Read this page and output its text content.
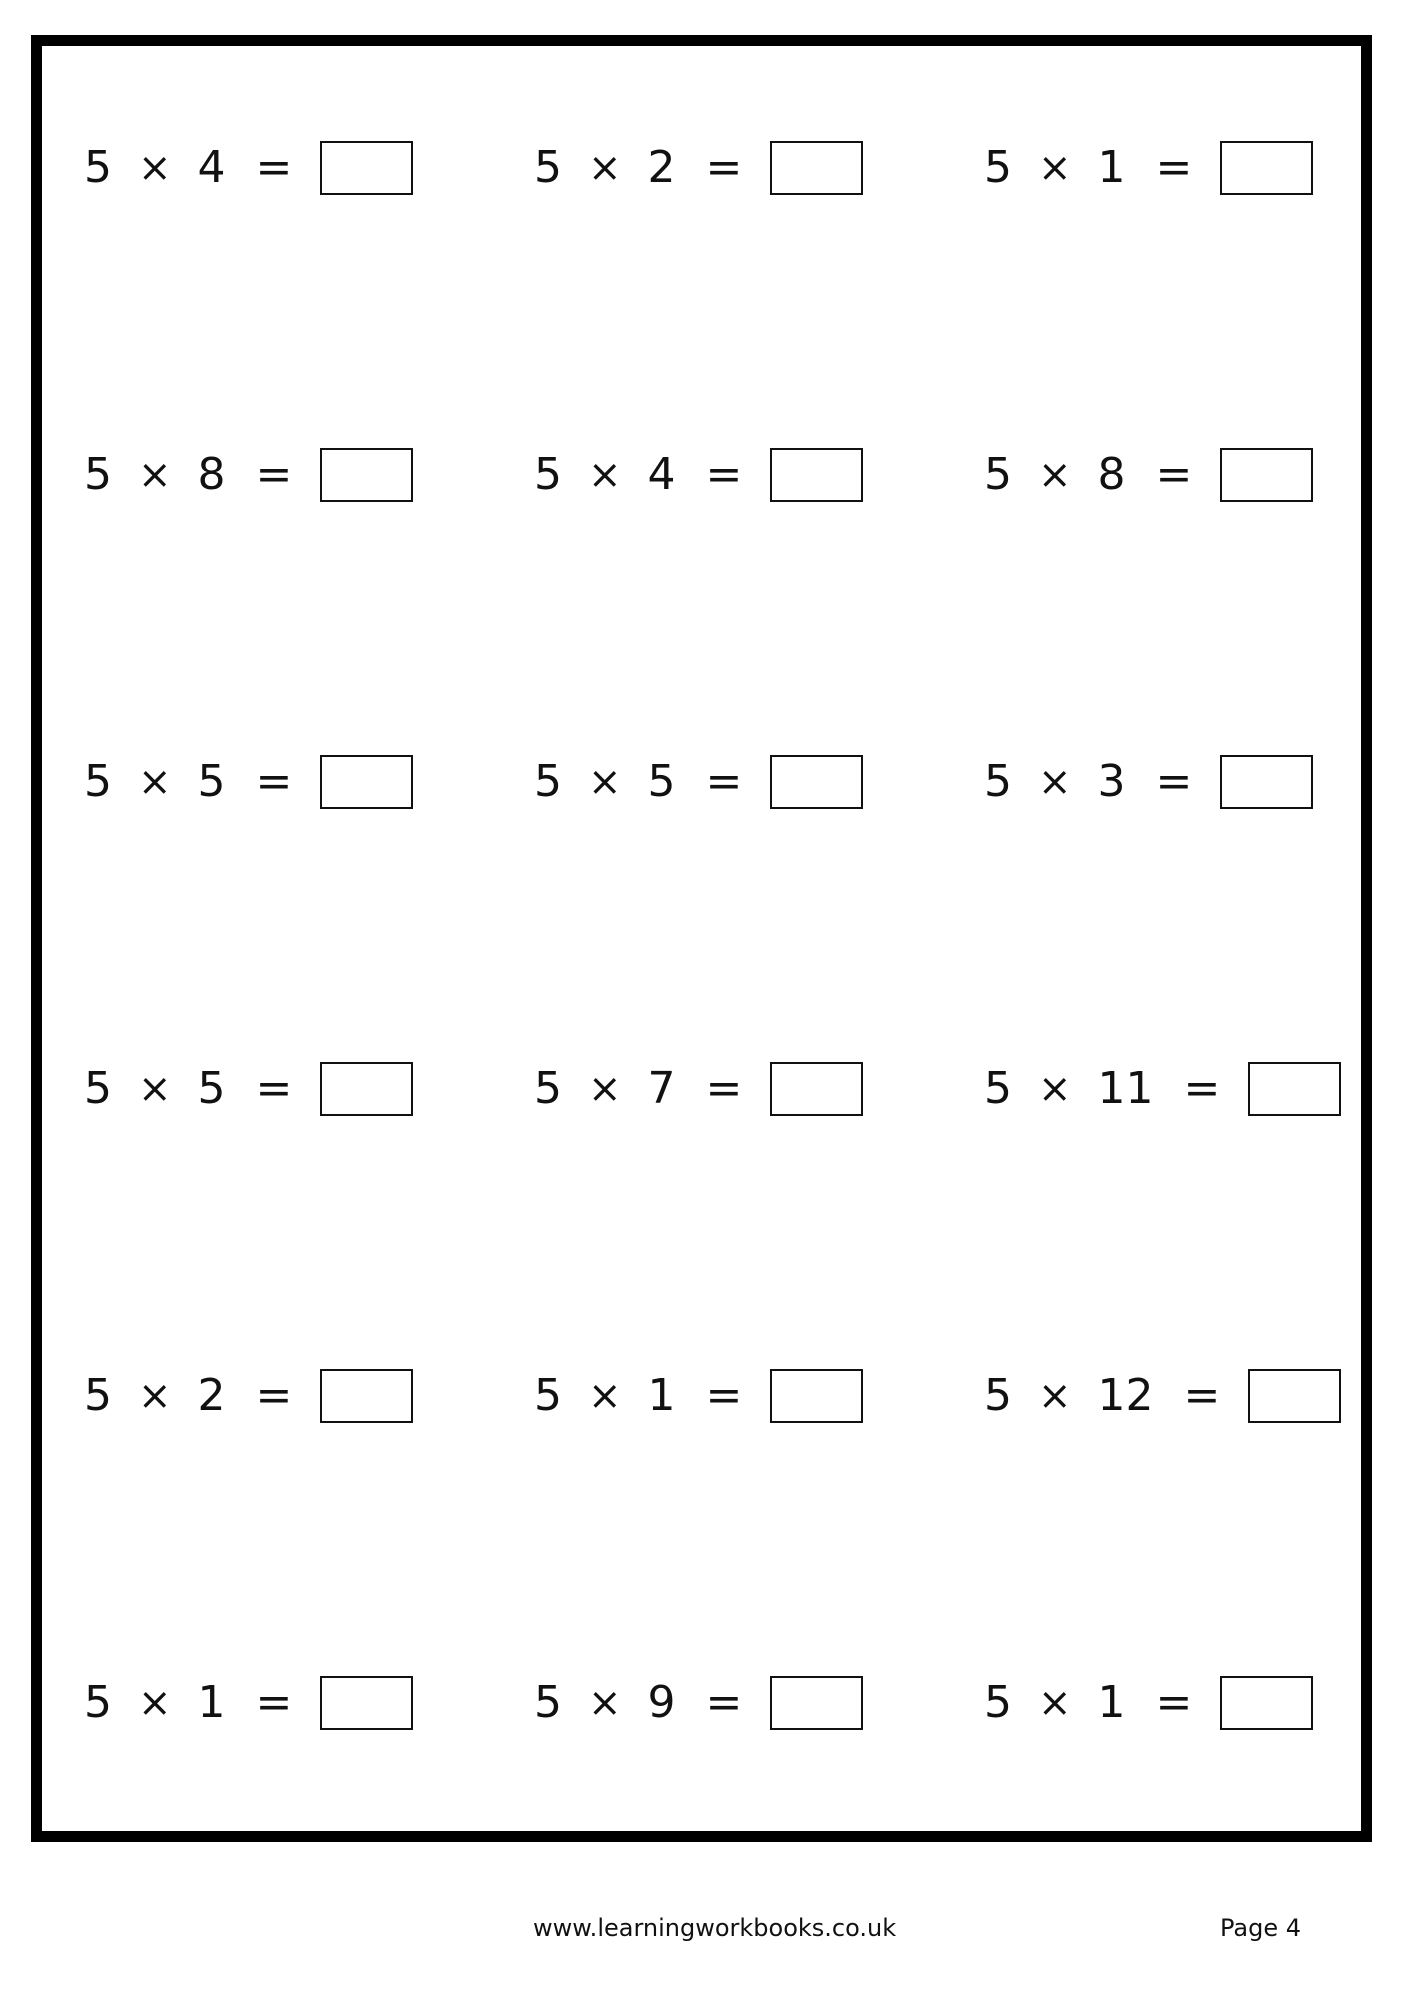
5 × 4 =	5 × 2 =	5 × 1 =
5 × 8 =	5 × 4 =	5 × 8 =
5 × 5 =	5 × 5 =	5 × 3 =
5 × 5 =	5 × 7 =	5 × 11 =
5 × 2 =	5 × 1 =	5 × 12 =
5 × 1 =	5 × 9 =	5 × 1 =
www.learningworkbooks.co.uk	Page 4
